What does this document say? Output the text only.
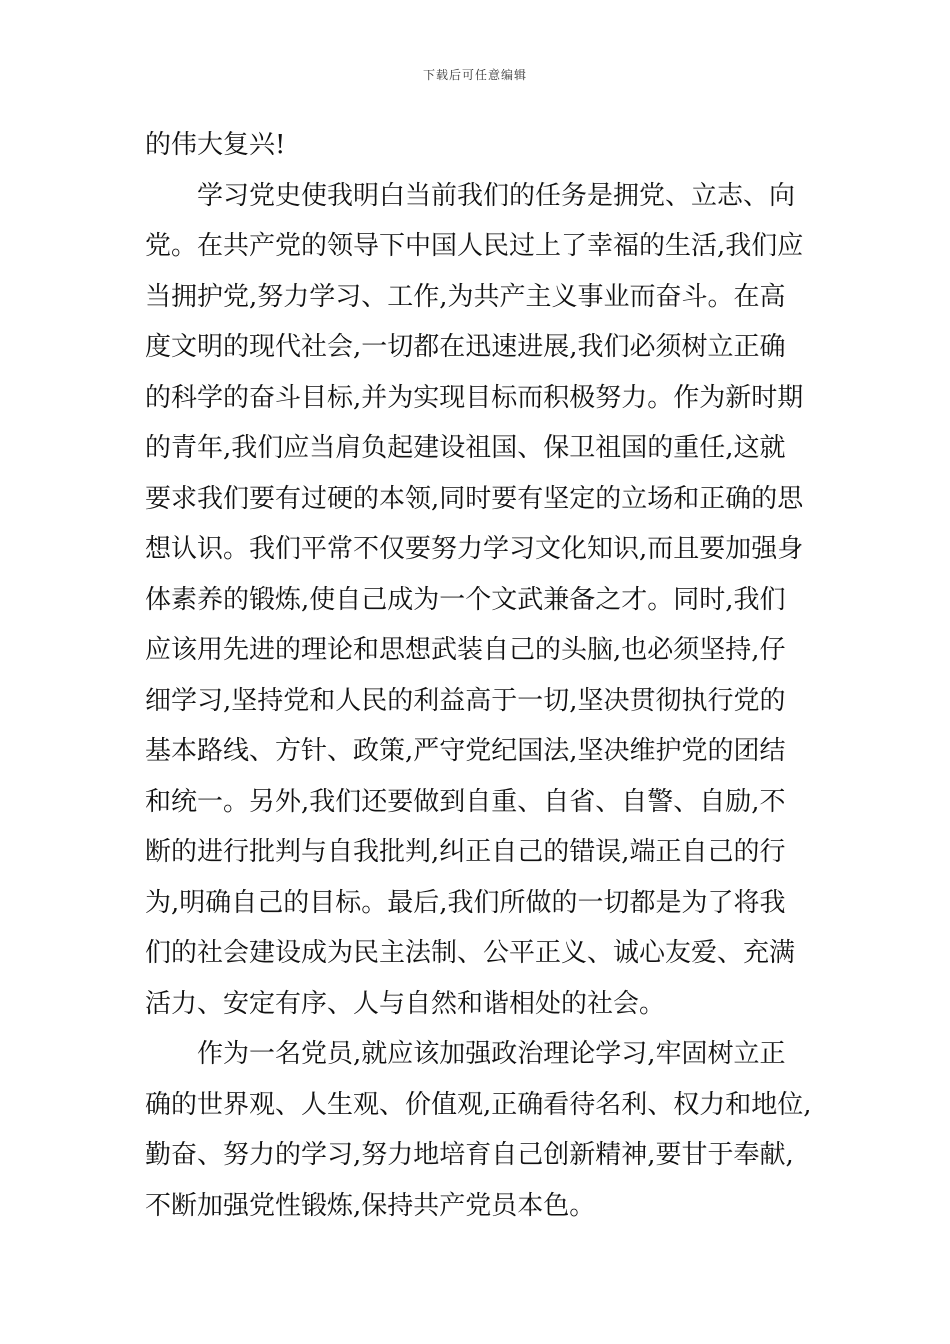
下载后可任意编辑

的伟大复兴!

学习党史使我明白当前我们的任务是拥党、立志、向
党。在共产党的领导下中国人民过上了幸福的生活,我们应
当拥护党,努力学习、工作,为共产主义事业而奋斗。在高
度文明的现代社会,一切都在迅速进展,我们必须树立正确
的科学的奋斗目标,并为实现目标而积极努力。作为新时期
的青年,我们应当肩负起建设祖国、保卫祖国的重任,这就
要求我们要有过硬的本领,同时要有坚定的立场和正确的思
想认识。我们平常不仅要努力学习文化知识,而且要加强身
体素养的锻炼,使自己成为一个文武兼备之才。同时,我们
应该用先进的理论和思想武装自己的头脑,也必须坚持,仔
细学习,坚持党和人民的利益高于一切,坚决贯彻执行党的
基本路线、方针、政策,严守党纪国法,坚决维护党的团结
和统一。另外,我们还要做到自重、自省、自警、自励,不
断的进行批判与自我批判,纠正自己的错误,端正自己的行
为,明确自己的目标。最后,我们所做的一切都是为了将我
们的社会建设成为民主法制、公平正义、诚心友爱、充满
活力、安定有序、人与自然和谐相处的社会。

作为一名党员,就应该加强政治理论学习,牢固树立正
确的世界观、人生观、价值观,正确看待名利、权力和地位,
勤奋、努力的学习,努力地培育自己创新精神,要甘于奉献,
不断加强党性锻炼,保持共产党员本色。
